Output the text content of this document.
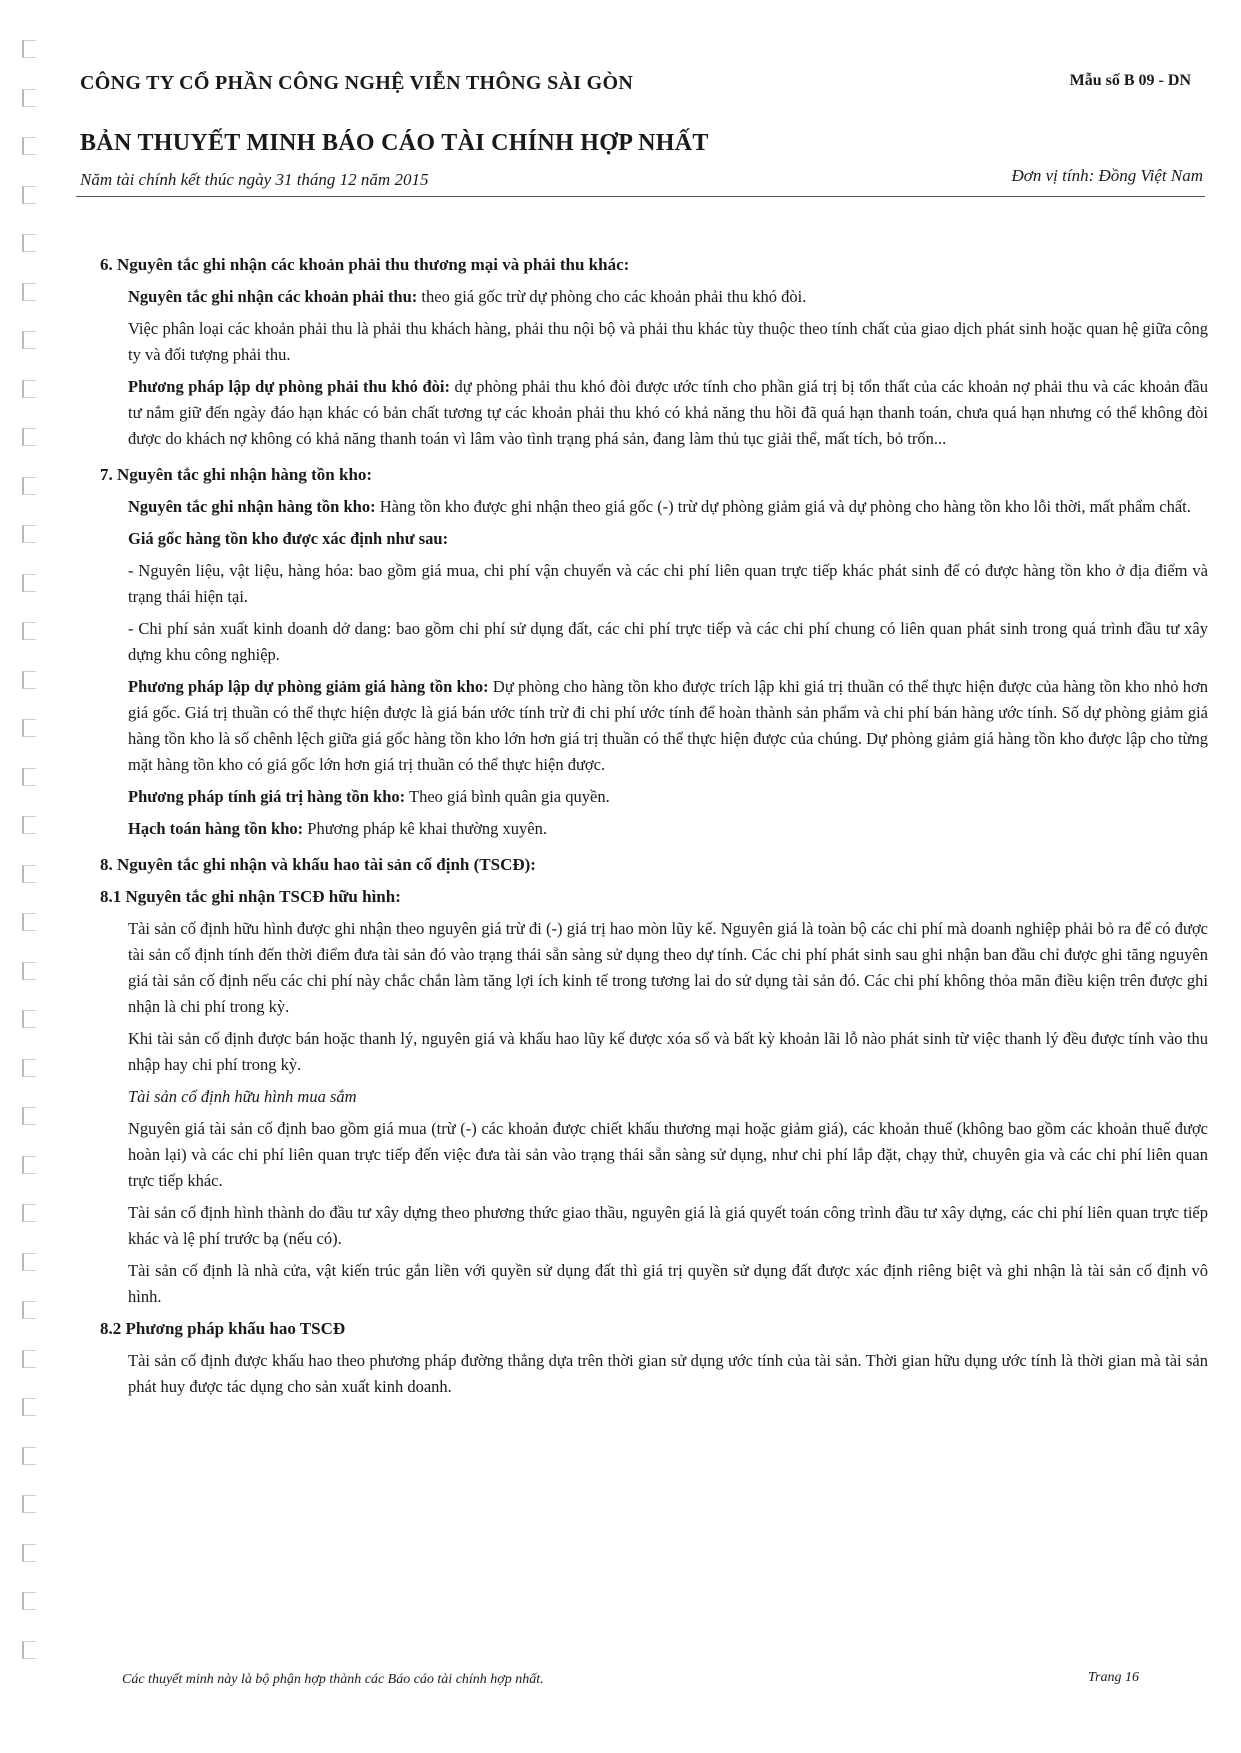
CÔNG TY CỔ PHẦN CÔNG NGHỆ VIỄN THÔNG SÀI GÒN	Mẫu số B 09 - DN
BẢN THUYẾT MINH BÁO CÁO TÀI CHÍNH HỢP NHẤT
Năm tài chính kết thúc ngày 31 tháng 12 năm 2015	Đơn vị tính: Đồng Việt Nam
6. Nguyên tắc ghi nhận các khoản phải thu thương mại và phải thu khác:

Nguyên tắc ghi nhận các khoản phải thu: theo giá gốc trừ dự phòng cho các khoản phải thu khó đòi.

Việc phân loại các khoản phải thu là phải thu khách hàng, phải thu nội bộ và phải thu khác tùy thuộc theo tính chất của giao dịch phát sinh hoặc quan hệ giữa công ty và đối tượng phải thu.

Phương pháp lập dự phòng phải thu khó đòi: dự phòng phải thu khó đòi được ước tính cho phần giá trị bị tổn thất của các khoản nợ phải thu và các khoản đầu tư nắm giữ đến ngày đáo hạn khác có bản chất tương tự các khoản phải thu khó có khả năng thu hồi đã quá hạn thanh toán, chưa quá hạn nhưng có thể không đòi được do khách nợ không có khả năng thanh toán vì lâm vào tình trạng phá sản, đang làm thủ tục giải thể, mất tích, bỏ trốn...

7. Nguyên tắc ghi nhận hàng tồn kho:

Nguyên tắc ghi nhận hàng tồn kho: Hàng tồn kho được ghi nhận theo giá gốc (-) trừ dự phòng giảm giá và dự phòng cho hàng tồn kho lỗi thời, mất phẩm chất.

Giá gốc hàng tồn kho được xác định như sau:

- Nguyên liệu, vật liệu, hàng hóa: bao gồm giá mua, chi phí vận chuyển và các chi phí liên quan trực tiếp khác phát sinh để có được hàng tồn kho ở địa điểm và trạng thái hiện tại.

- Chi phí sản xuất kinh doanh dở dang: bao gồm chi phí sử dụng đất, các chi phí trực tiếp và các chi phí chung có liên quan phát sinh trong quá trình đầu tư xây dựng khu công nghiệp.

Phương pháp lập dự phòng giảm giá hàng tồn kho: Dự phòng cho hàng tồn kho được trích lập khi giá trị thuần có thể thực hiện được của hàng tồn kho nhỏ hơn giá gốc. Giá trị thuần có thể thực hiện được là giá bán ước tính trừ đi chi phí ước tính để hoàn thành sản phẩm và chi phí bán hàng ước tính. Số dự phòng giảm giá hàng tồn kho là số chênh lệch giữa giá gốc hàng tồn kho lớn hơn giá trị thuần có thể thực hiện được của chúng. Dự phòng giảm giá hàng tồn kho được lập cho từng mặt hàng tồn kho có giá gốc lớn hơn giá trị thuần có thể thực hiện được.

Phương pháp tính giá trị hàng tồn kho: Theo giá bình quân gia quyền.

Hạch toán hàng tồn kho: Phương pháp kê khai thường xuyên.

8. Nguyên tắc ghi nhận và khấu hao tài sản cố định (TSCĐ):
8.1 Nguyên tắc ghi nhận TSCĐ hữu hình:

Tài sản cố định hữu hình được ghi nhận theo nguyên giá trừ đi (-) giá trị hao mòn lũy kế. Nguyên giá là toàn bộ các chi phí mà doanh nghiệp phải bỏ ra để có được tài sản cố định tính đến thời điểm đưa tài sản đó vào trạng thái sẵn sàng sử dụng theo dự tính. Các chi phí phát sinh sau ghi nhận ban đầu chỉ được ghi tăng nguyên giá tài sản cố định nếu các chi phí này chắc chắn làm tăng lợi ích kinh tế trong tương lai do sử dụng tài sản đó. Các chi phí không thỏa mãn điều kiện trên được ghi nhận là chi phí trong kỳ.

Khi tài sản cố định được bán hoặc thanh lý, nguyên giá và khấu hao lũy kế được xóa sổ và bất kỳ khoản lãi lỗ nào phát sinh từ việc thanh lý đều được tính vào thu nhập hay chi phí trong kỳ.

Tài sản cố định hữu hình mua sắm

Nguyên giá tài sản cố định bao gồm giá mua (trừ (-) các khoản được chiết khấu thương mại hoặc giảm giá), các khoản thuế (không bao gồm các khoản thuế được hoàn lại) và các chi phí liên quan trực tiếp đến việc đưa tài sản vào trạng thái sẵn sàng sử dụng, như chi phí lắp đặt, chạy thử, chuyên gia và các chi phí liên quan trực tiếp khác.

Tài sản cố định hình thành do đầu tư xây dựng theo phương thức giao thầu, nguyên giá là giá quyết toán công trình đầu tư xây dựng, các chi phí liên quan trực tiếp khác và lệ phí trước bạ (nếu có).

Tài sản cố định là nhà cửa, vật kiến trúc gắn liền với quyền sử dụng đất thì giá trị quyền sử dụng đất được xác định riêng biệt và ghi nhận là tài sản cố định vô hình.

8.2 Phương pháp khấu hao TSCĐ

Tài sản cố định được khấu hao theo phương pháp đường thẳng dựa trên thời gian sử dụng ước tính của tài sản. Thời gian hữu dụng ước tính là thời gian mà tài sản phát huy được tác dụng cho sản xuất kinh doanh.

Các thuyết minh này là bộ phận hợp thành các Báo cáo tài chính hợp nhất.	Trang 16
